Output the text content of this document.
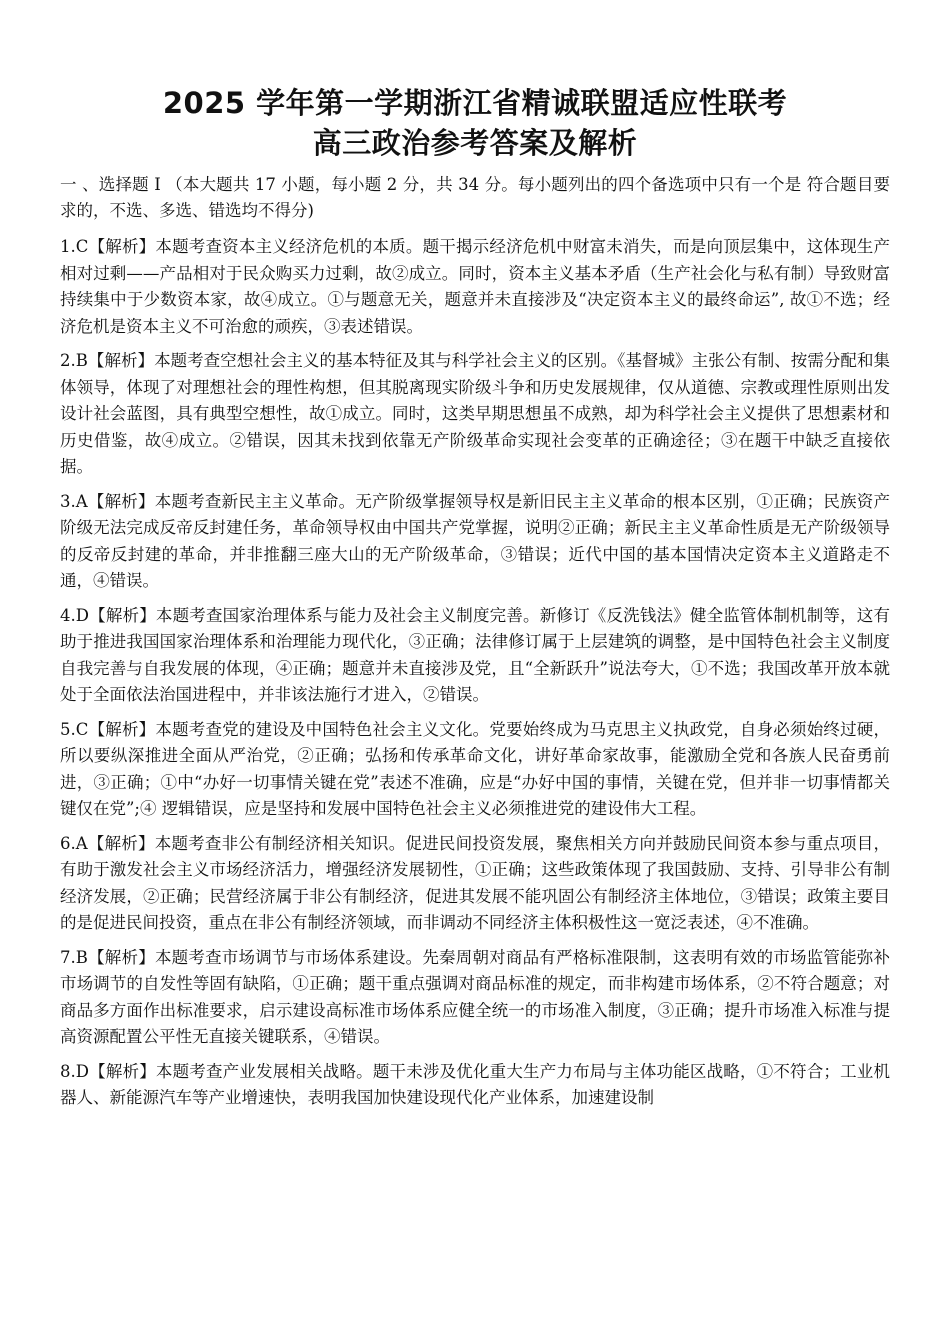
2025 学年第一学期浙江省精诚联盟适应性联考
高三政治参考答案及解析

一 、选择题 I （本大题共 17 小题，每小题 2 分，共 34 分。每小题列出的四个备选项中只有一个是 符合题目要求的，不选、多选、错选均不得分)

1.C【解析】本题考查资本主义经济危机的本质。题干揭示经济危机中财富未消失，而是向顶层集中，这体现生产相对过剩——产品相对于民众购买力过剩，故②成立。同时，资本主义基本矛盾（生产社会化与私有制）导致财富持续集中于少数资本家，故④成立。①与题意无关，题意并未直接涉及“决定资本主义的最终命运”, 故①不选；经济危机是资本主义不可治愈的顽疾，③表述错误。

2.B【解析】本题考查空想社会主义的基本特征及其与科学社会主义的区别。《基督城》主张公有制、按需分配和集体领导，体现了对理想社会的理性构想，但其脱离现实阶级斗争和历史发展规律，仅从道德、宗教或理性原则出发设计社会蓝图，具有典型空想性，故①成立。同时，这类早期思想虽不成熟，却为科学社会主义提供了思想素材和历史借鉴，故④成立。②错误，因其未找到依靠无产阶级革命实现社会变革的正确途径；③在题干中缺乏直接依据。

3.A【解析】本题考查新民主主义革命。无产阶级掌握领导权是新旧民主主义革命的根本区别，①正确；民族资产阶级无法完成反帝反封建任务，革命领导权由中国共产党掌握，说明②正确；新民主主义革命性质是无产阶级领导的反帝反封建的革命，并非推翻三座大山的无产阶级革命，③错误；近代中国的基本国情决定资本主义道路走不通，④错误。

4.D【解析】本题考查国家治理体系与能力及社会主义制度完善。新修订《反洗钱法》健全监管体制机制等，这有助于推进我国国家治理体系和治理能力现代化，③正确；法律修订属于上层建筑的调整，是中国特色社会主义制度自我完善与自我发展的体现，④正确；题意并未直接涉及党，且“全新跃升”说法夸大，①不选；我国改革开放本就处于全面依法治国进程中，并非该法施行才进入，②错误。

5.C【解析】本题考查党的建设及中国特色社会主义文化。党要始终成为马克思主义执政党，自身必须始终过硬，所以要纵深推进全面从严治党，②正确；弘扬和传承革命文化，讲好革命家故事，能激励全党和各族人民奋勇前进，③正确；①中“办好一切事情关键在党”表述不准确，应是“办好中国的事情，关键在党，但并非一切事情都关键仅在党”;④ 逻辑错误，应是坚持和发展中国特色社会主义必须推进党的建设伟大工程。

6.A【解析】本题考查非公有制经济相关知识。促进民间投资发展，聚焦相关方向并鼓励民间资本参与重点项目，有助于激发社会主义市场经济活力，增强经济发展韧性，①正确；这些政策体现了我国鼓励、支持、引导非公有制经济发展，②正确；民营经济属于非公有制经济，促进其发展不能巩固公有制经济主体地位，③错误；政策主要目的是促进民间投资，重点在非公有制经济领域，而非调动不同经济主体积极性这一宽泛表述，④不准确。

7.B【解析】本题考查市场调节与市场体系建设。先秦周朝对商品有严格标准限制，这表明有效的市场监管能弥补市场调节的自发性等固有缺陷，①正确；题干重点强调对商品标准的规定，而非构建市场体系，②不符合题意；对商品多方面作出标准要求，启示建设高标准市场体系应健全统一的市场准入制度，③正确；提升市场准入标准与提高资源配置公平性无直接关键联系，④错误。

8.D【解析】本题考查产业发展相关战略。题干未涉及优化重大生产力布局与主体功能区战略，①不符合；工业机器人、新能源汽车等产业增速快，表明我国加快建设现代化产业体系，加速建设制
